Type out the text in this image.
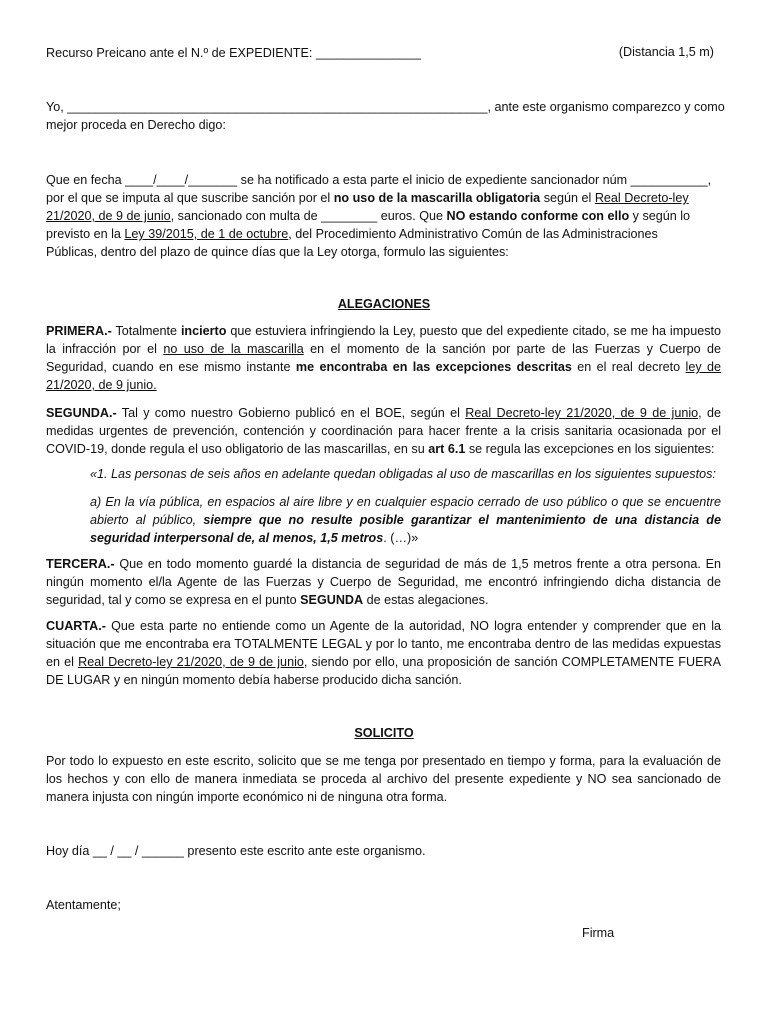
Recurso Preicano ante el N.º de EXPEDIENTE: _______________	(Distancia 1,5 m)
Yo, ____________________________________________________________, ante este organismo comparezco y como
mejor proceda en Derecho digo:
Que en fecha ____/____/_______ se ha notificado a esta parte el inicio de expediente sancionador núm ___________,
por el que se imputa al que suscribe sanción por el no uso de la mascarilla obligatoria según el Real Decreto-ley
21/2020, de 9 de junio, sancionado con multa de ________ euros. Que NO estando conforme con ello y según lo
previsto en la Ley 39/2015, de 1 de octubre, del Procedimiento Administrativo Común de las Administraciones
Públicas, dentro del plazo de quince días que la Ley otorga, formulo las siguientes:
ALEGACIONES
PRIMERA.- Totalmente incierto que estuviera infringiendo la Ley, puesto que del expediente citado, se me ha impuesto la infracción por el no uso de la mascarilla en el momento de la sanción por parte de las Fuerzas y Cuerpo de Seguridad, cuando en ese mismo instante me encontraba en las excepciones descritas en el real decreto ley de 21/2020, de 9 junio.
SEGUNDA.- Tal y como nuestro Gobierno publicó en el BOE, según el Real Decreto-ley 21/2020, de 9 de junio, de medidas urgentes de prevención, contención y coordinación para hacer frente a la crisis sanitaria ocasionada por el COVID-19, donde regula el uso obligatorio de las mascarillas, en su art 6.1 se regula las excepciones en los siguientes:
«1. Las personas de seis años en adelante quedan obligadas al uso de mascarillas en los siguientes supuestos:
a) En la vía pública, en espacios al aire libre y en cualquier espacio cerrado de uso público o que se encuentre abierto al público, siempre que no resulte posible garantizar el mantenimiento de una distancia de seguridad interpersonal de, al menos, 1,5 metros. (…)»
TERCERA.- Que en todo momento guardé la distancia de seguridad de más de 1,5 metros frente a otra persona. En ningún momento el/la Agente de las Fuerzas y Cuerpo de Seguridad, me encontró infringiendo dicha distancia de seguridad, tal y como se expresa en el punto SEGUNDA de estas alegaciones.
CUARTA.- Que esta parte no entiende como un Agente de la autoridad, NO logra entender y comprender que en la situación que me encontraba era TOTALMENTE LEGAL y por lo tanto, me encontraba dentro de las medidas expuestas en el Real Decreto-ley 21/2020, de 9 de junio, siendo por ello, una proposición de sanción COMPLETAMENTE FUERA DE LUGAR y en ningún momento debía haberse producido dicha sanción.
SOLICITO
Por todo lo expuesto en este escrito, solicito que se me tenga por presentado en tiempo y forma, para la evaluación de los hechos y con ello de manera inmediata se proceda al archivo del presente expediente y NO sea sancionado de manera injusta con ningún importe económico ni de ninguna otra forma.
Hoy día __ / __ / ______ presento este escrito ante este organismo.
Atentamente;
Firma
